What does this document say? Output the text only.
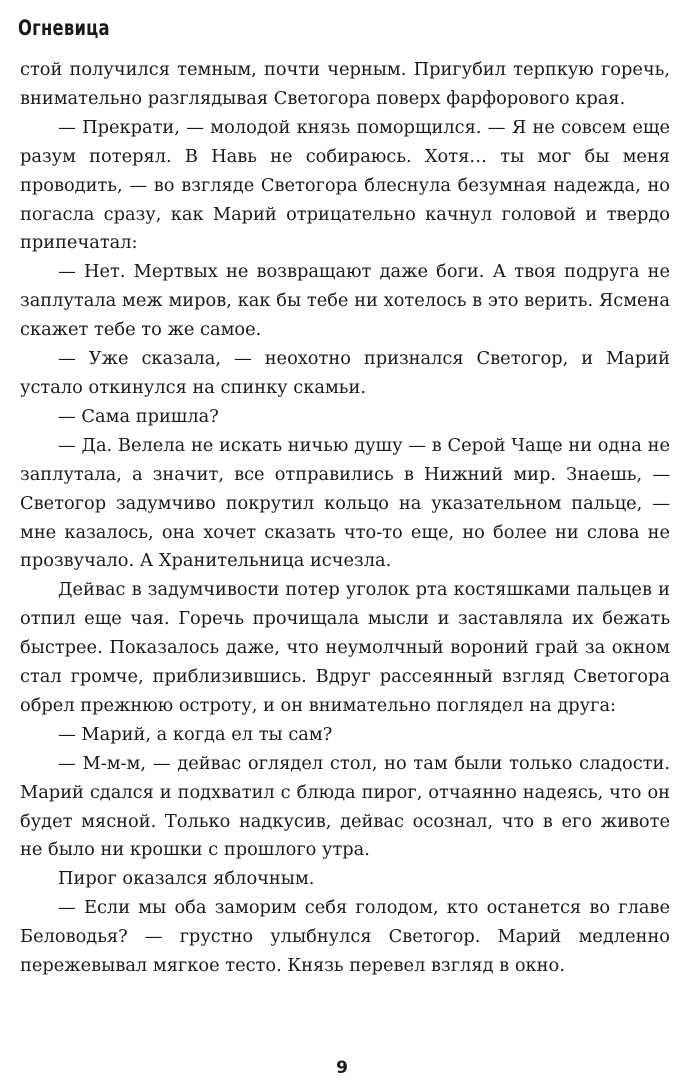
Огневица

стой получился темным, почти черным. Пригубил терпкую горечь, внимательно разглядывая Светогора поверх фарфорового края.

— Прекрати, — молодой князь поморщился. — Я не совсем еще разум потерял. В Навь не собираюсь. Хотя… ты мог бы меня проводить, — во взгляде Светогора блеснула безумная надежда, но погасла сразу, как Марий отрицательно качнул головой и твердо припечатал:

— Нет. Мертвых не возвращают даже боги. А твоя подруга не заплутала меж миров, как бы тебе ни хотелось в это верить. Ясмена скажет тебе то же самое.

— Уже сказала, — неохотно признался Светогор, и Марий устало откинулся на спинку скамьи.

— Сама пришла?

— Да. Велела не искать ничью душу — в Серой Чаще ни одна не заплутала, а значит, все отправились в Нижний мир. Знаешь, — Светогор задумчиво покрутил кольцо на указательном пальце, — мне казалось, она хочет сказать что-то еще, но более ни слова не прозвучало. А Хранительница исчезла.

Дейвас в задумчивости потер уголок рта костяшками пальцев и отпил еще чая. Горечь прочищала мысли и заставляла их бежать быстрее. Показалось даже, что неумолчный вороний грай за окном стал громче, приблизившись. Вдруг рассеянный взгляд Светогора обрел прежнюю остроту, и он внимательно поглядел на друга:

— Марий, а когда ел ты сам?

— М-м-м, — дейвас оглядел стол, но там были только сладости. Марий сдался и подхватил с блюда пирог, отчаянно надеясь, что он будет мясной. Только надкусив, дейвас осознал, что в его животе не было ни крошки с прошлого утра.

Пирог оказался яблочным.

— Если мы оба заморим себя голодом, кто останется во главе Беловодья? — грустно улыбнулся Светогор. Марий медленно пережевывал мягкое тесто. Князь перевел взгляд в окно.

9
